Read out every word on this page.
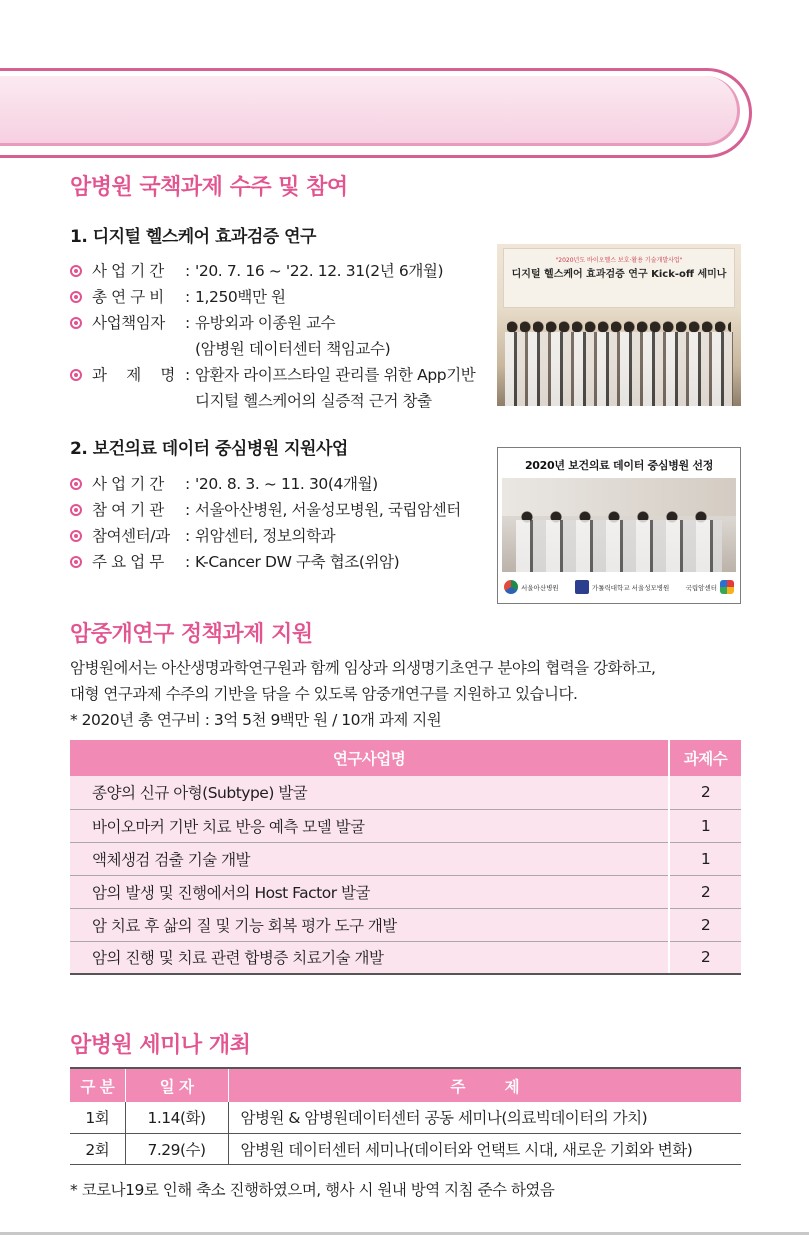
암병원 국책과제 수주 및 참여
1. 디지털 헬스케어 효과검증 연구
사 업 기 간	: '20. 7. 16 ~ '22. 12. 31(2년 6개월)
총 연 구 비	: 1,250백만 원
사업책임자	: 유방외과 이종원 교수
(암병원 데이터센터 책임교수)
과 　제 　명 : 암환자 라이프스타일 관리를 위한 App기반
디지털 헬스케어의 실증적 근거 창출
"2020년도 바이오헬스 보호·활용 기술개발사업"
디지털 헬스케어 효과검증 연구 Kick-off 세미나
2. 보건의료 데이터 중심병원 지원사업
사 업 기 간	: '20. 8. 3. ~ 11. 30(4개월)
참 여 기 관	: 서울아산병원, 서울성모병원, 국립암센터
참여센터/과 : 위암센터, 정보의학과
주 요 업 무	: K-Cancer DW 구축 협조(위암)
2020년 보건의료 데이터 중심병원 선정
서울아산병원	가톨릭대학교 서울성모병원 국립암센터
암중개연구 정책과제 지원
암병원에서는 아산생명과학연구원과 함께 임상과 의생명기초연구 분야의 협력을 강화하고,
대형 연구과제 수주의 기반을 닦을 수 있도록 암중개연구를 지원하고 있습니다.
* 2020년 총 연구비 : 3억 5천 9백만 원 / 10개 과제 지원
연구사업명	과제수
종양의 신규 아형(Subtype) 발굴	2
바이오마커 기반 치료 반응 예측 모델 발굴	1
액체생검 검출 기술 개발	1
암의 발생 및 진행에서의 Host Factor 발굴	2
암 치료 후 삶의 질 및 기능 회복 평가 도구 개발	2
암의 진행 및 치료 관련 합병증 치료기술 개발	2
암병원 세미나 개최
구 분	일 자	주 　　 제
1회	1.14(화)	암병원 & 암병원데이터센터 공동 세미나(의료빅데이터의 가치)
2회	7.29(수)	암병원 데이터센터 세미나(데이터와 언택트 시대, 새로운 기회와 변화)
* 코로나19로 인해 축소 진행하였으며, 행사 시 원내 방역 지침 준수 하였음
